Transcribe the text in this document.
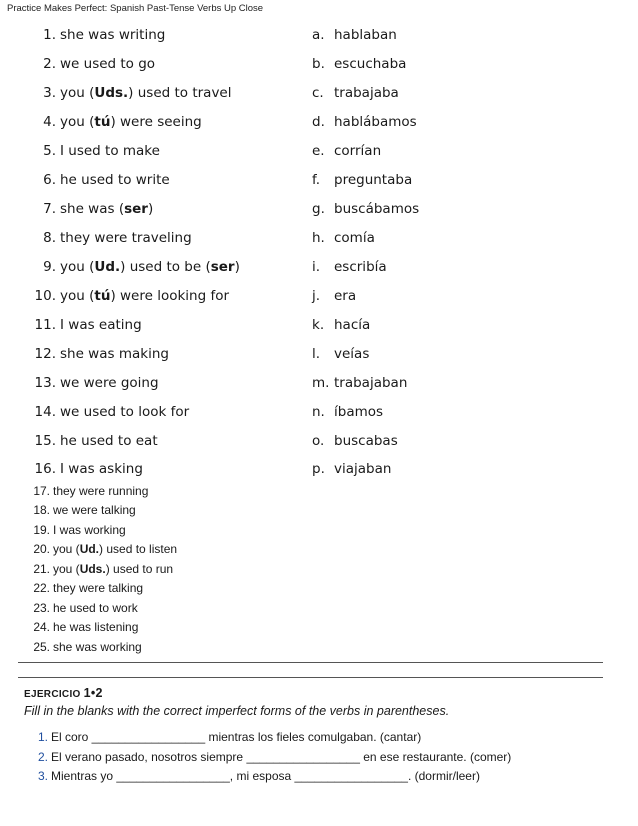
Practice Makes Perfect: Spanish Past-Tense Verbs Up Close
1. she was writing	a. hablaban
2. we used to go	b. escuchaba
3. you (Uds.) used to travel	c. trabajaba
4. you (tú) were seeing	d. hablábamos
5. I used to make	e. corrían
6. he used to write	f. preguntaba
7. she was (ser)	g. buscábamos
8. they were traveling	h. comía
9. you (Ud.) used to be (ser)	i. escribía
10. you (tú) were looking for	j. era
11. I was eating	k. hacía
12. she was making	l. veías
13. we were going	m. trabajaban
14. we used to look for	n. íbamos
15. he used to eat	o. buscabas
16. I was asking	p. viajaban
17. they were running
18. we were talking
19. I was working
20. you (Ud.) used to listen
21. you (Uds.) used to run
22. they were talking
23. he used to work
24. he was listening
25. she was working
EJERCICIO 1•2
Fill in the blanks with the correct imperfect forms of the verbs in parentheses.
1. El coro _________________ mientras los fieles comulgaban. (cantar)
2. El verano pasado, nosotros siempre _________________ en ese restaurante. (comer)
3. Mientras yo _________________, mi esposa _________________. (dormir/leer)
